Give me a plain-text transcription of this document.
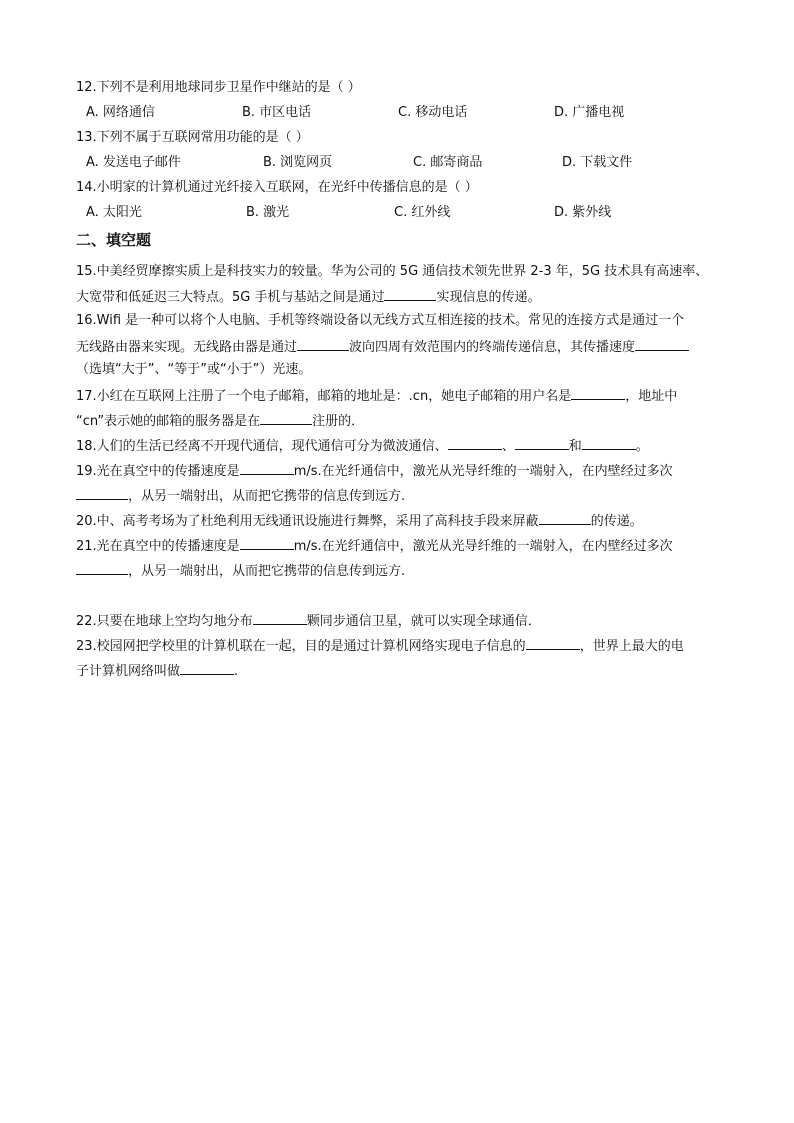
12.下列不是利用地球同步卫星作中继站的是（ ）
A. 网络通信	B. 市区电话	C. 移动电话	D. 广播电视
13.下列不属于互联网常用功能的是（ ）
A. 发送电子邮件	B. 浏览网页	C. 邮寄商品	D. 下载文件
14.小明家的计算机通过光纤接入互联网，在光纤中传播信息的是（ ）
A. 太阳光	B. 激光	C. 红外线	D. 紫外线
二、填空题
15.中美经贸摩擦实质上是科技实力的较量。华为公司的 5G 通信技术领先世界 2-3 年，5G 技术具有高速率、
大宽带和低延迟三大特点。5G 手机与基站之间是通过	实现信息的传递。
16.Wifi 是一种可以将个人电脑、手机等终端设备以无线方式互相连接的技术。常见的连接方式是通过一个
无线路由器来实现。无线路由器是通过	波向四周有效范围内的终端传递信息，其传播速度
（选填“大于”、“等于”或“小于”）光速。
17.小红在互联网上注册了一个电子邮箱，邮箱的地址是：.cn，她电子邮箱的用户名是	，地址中
“cn”表示她的邮箱的服务器是在	注册的．
18.人们的生活已经离不开现代通信，现代通信可分为微波通信、	、	和	。
19.光在真空中的传播速度是	m/s.在光纤通信中，激光从光导纤维的一端射入，在内壁经过多次
，从另一端射出，从而把它携带的信息传到远方.
20.中、高考考场为了杜绝利用无线通讯设施进行舞弊，采用了高科技手段来屏蔽	的传递。
21.光在真空中的传播速度是	m/s.在光纤通信中，激光从光导纤维的一端射入，在内壁经过多次
，从另一端射出，从而把它携带的信息传到远方.
22.只要在地球上空均匀地分布	颗同步通信卫星，就可以实现全球通信．
23.校园网把学校里的计算机联在一起，目的是通过计算机网络实现电子信息的	，世界上最大的电
子计算机网络叫做	.
